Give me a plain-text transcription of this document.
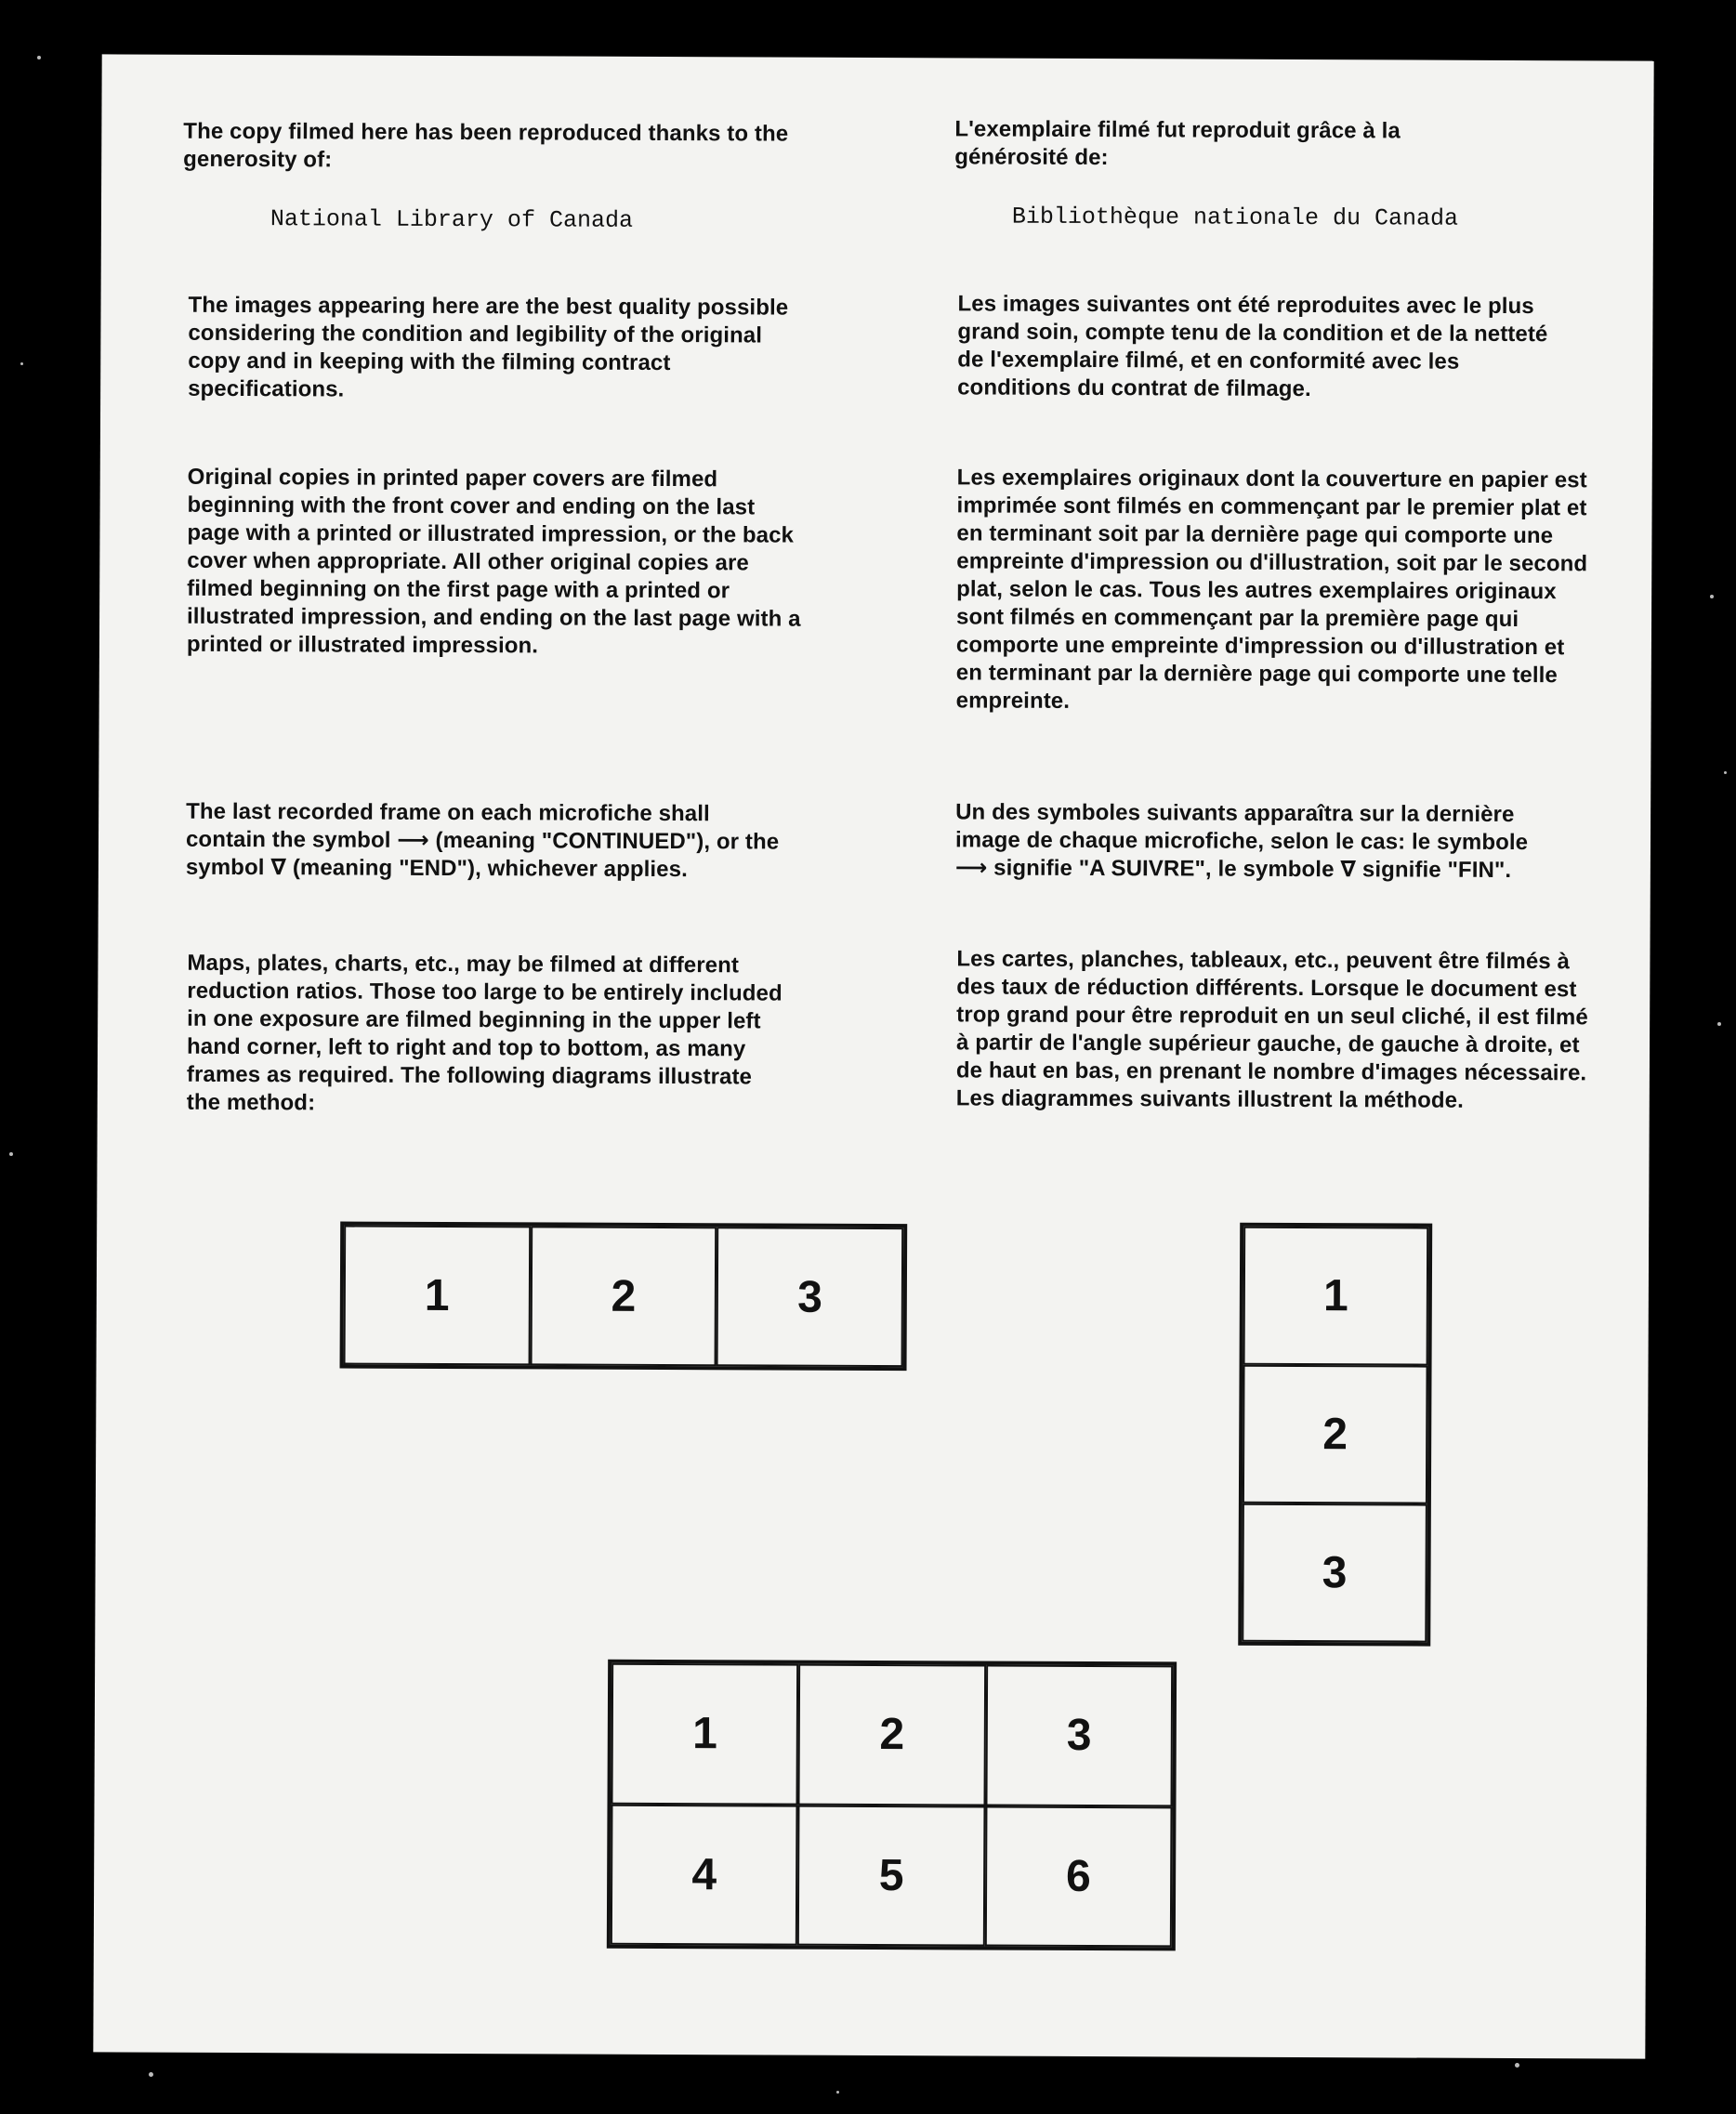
The copy filmed here has been reproduced thanks to the generosity of:

National Library of Canada

The images appearing here are the best quality possible considering the condition and legibility of the original copy and in keeping with the filming contract specifications.

Original copies in printed paper covers are filmed beginning with the front cover and ending on the last page with a printed or illustrated impression, or the back cover when appropriate. All other original copies are filmed beginning on the first page with a printed or illustrated impression, and ending on the last page with a printed or illustrated impression.

The last recorded frame on each microfiche shall contain the symbol ⟶ (meaning "CONTINUED"), or the symbol ∇ (meaning "END"), whichever applies.

Maps, plates, charts, etc., may be filmed at different reduction ratios. Those too large to be entirely included in one exposure are filmed beginning in the upper left hand corner, left to right and top to bottom, as many frames as required. The following diagrams illustrate the method:

L'exemplaire filmé fut reproduit grâce à la générosité de:

Bibliothèque nationale du Canada

Les images suivantes ont été reproduites avec le plus grand soin, compte tenu de la condition et de la netteté de l'exemplaire filmé, et en conformité avec les conditions du contrat de filmage.

Les exemplaires originaux dont la couverture en papier est imprimée sont filmés en commençant par le premier plat et en terminant soit par la dernière page qui comporte une empreinte d'impression ou d'illustration, soit par le second plat, selon le cas. Tous les autres exemplaires originaux sont filmés en commençant par la première page qui comporte une empreinte d'impression ou d'illustration et en terminant par la dernière page qui comporte une telle empreinte.

Un des symboles suivants apparaîtra sur la dernière image de chaque microfiche, selon le cas: le symbole ⟶ signifie "A SUIVRE", le symbole ∇ signifie "FIN".

Les cartes, planches, tableaux, etc., peuvent être filmés à des taux de réduction différents. Lorsque le document est trop grand pour être reproduit en un seul cliché, il est filmé à partir de l'angle supérieur gauche, de gauche à droite, et de haut en bas, en prenant le nombre d'images nécessaire. Les diagrammes suivants illustrent la méthode.

1	2	3	1
2
3
1	2	3
4	5	6
